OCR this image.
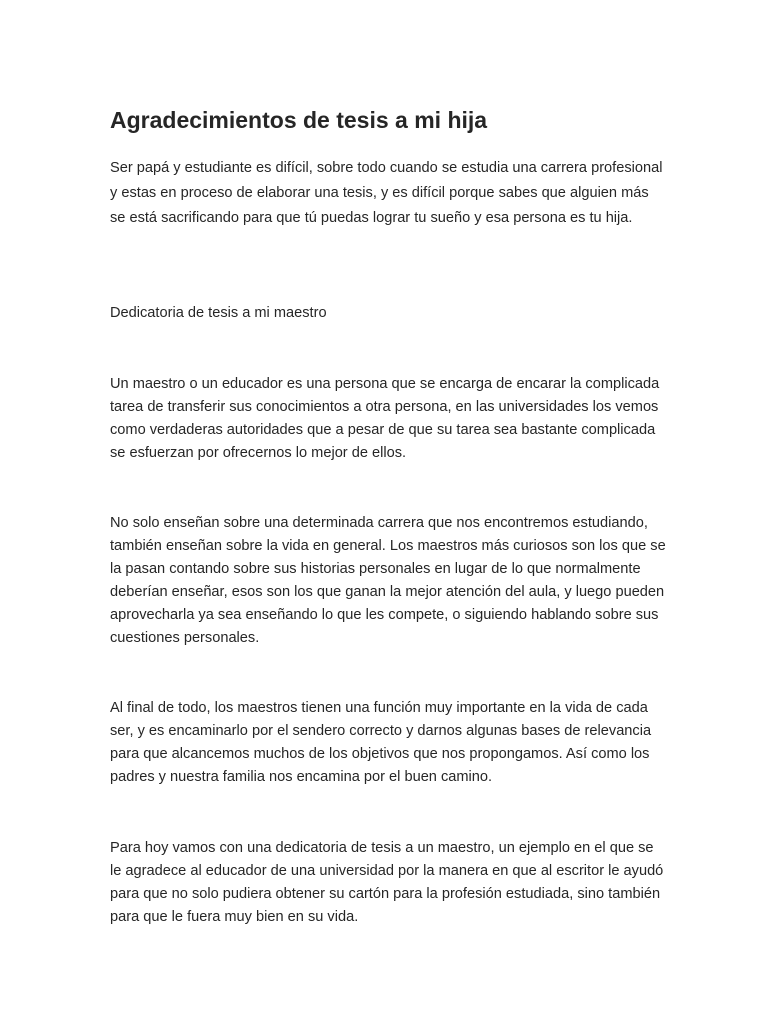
Agradecimientos de tesis a mi hija

Ser papá y estudiante es difícil, sobre todo cuando se estudia una carrera profesional y estas en proceso de elaborar una tesis, y es difícil porque sabes que alguien más se está sacrificando para que tú puedas lograr tu sueño y esa persona es tu hija.

Dedicatoria de tesis a mi maestro

Un maestro o un educador es una persona que se encarga de encarar la complicada tarea de transferir sus conocimientos a otra persona, en las universidades los vemos como verdaderas autoridades que a pesar de que su tarea sea bastante complicada se esfuerzan por ofrecernos lo mejor de ellos.

No solo enseñan sobre una determinada carrera que nos encontremos estudiando, también enseñan sobre la vida en general. Los maestros más curiosos son los que se la pasan contando sobre sus historias personales en lugar de lo que normalmente deberían enseñar, esos son los que ganan la mejor atención del aula, y luego pueden aprovecharla ya sea enseñando lo que les compete, o siguiendo hablando sobre sus cuestiones personales.

Al final de todo, los maestros tienen una función muy importante en la vida de cada ser, y es encaminarlo por el sendero correcto y darnos algunas bases de relevancia para que alcancemos muchos de los objetivos que nos propongamos. Así como los padres y nuestra familia nos encamina por el buen camino.

Para hoy vamos con una dedicatoria de tesis a un maestro, un ejemplo en el que se le agradece al educador de una universidad por la manera en que al escritor le ayudó para que no solo pudiera obtener su cartón para la profesión estudiada, sino también para que le fuera muy bien en su vida.
